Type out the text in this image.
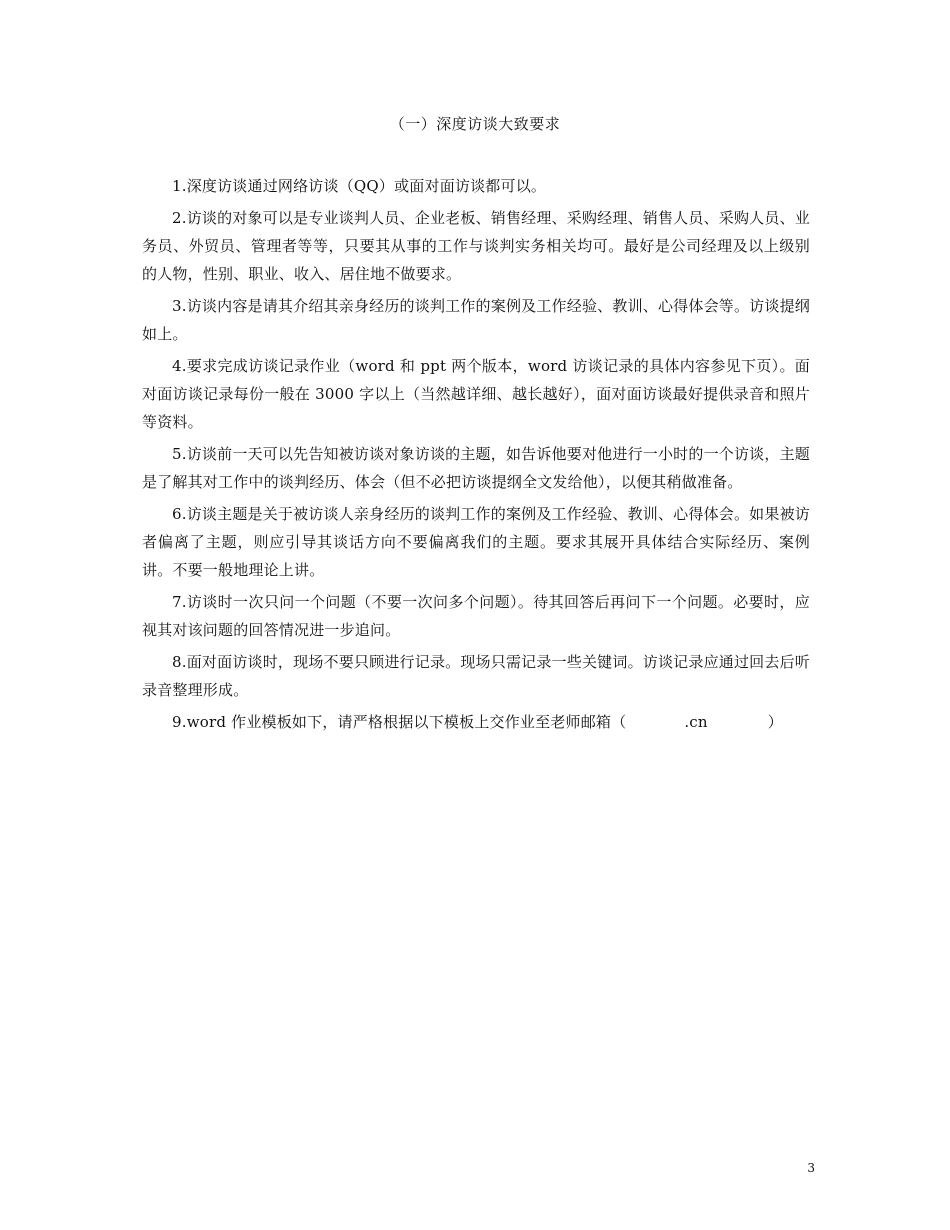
（一）深度访谈大致要求

1.深度访谈通过网络访谈（QQ）或面对面访谈都可以。

2.访谈的对象可以是专业谈判人员、企业老板、销售经理、采购经理、销售人员、采购人员、业务员、外贸员、管理者等等，只要其从事的工作与谈判实务相关均可。最好是公司经理及以上级别的人物，性别、职业、收入、居住地不做要求。

3.访谈内容是请其介绍其亲身经历的谈判工作的案例及工作经验、教训、心得体会等。访谈提纲如上。

4.要求完成访谈记录作业（word 和 ppt 两个版本，word 访谈记录的具体内容参见下页）。面对面访谈记录每份一般在 3000 字以上（当然越详细、越长越好），面对面访谈最好提供录音和照片等资料。

5.访谈前一天可以先告知被访谈对象访谈的主题，如告诉他要对他进行一小时的一个访谈，主题是了解其对工作中的谈判经历、体会（但不必把访谈提纲全文发给他），以便其稍做准备。

6.访谈主题是关于被访谈人亲身经历的谈判工作的案例及工作经验、教训、心得体会。如果被访者偏离了主题，则应引导其谈话方向不要偏离我们的主题。要求其展开具体结合实际经历、案例讲。不要一般地理论上讲。

7.访谈时一次只问一个问题（不要一次问多个问题）。待其回答后再问下一个问题。必要时，应视其对该问题的回答情况进一步追问。

8.面对面访谈时，现场不要只顾进行记录。现场只需记录一些关键词。访谈记录应通过回去后听录音整理形成。

9.word 作业模板如下，请严格根据以下模板上交作业至老师邮箱（	.cn	）

3
